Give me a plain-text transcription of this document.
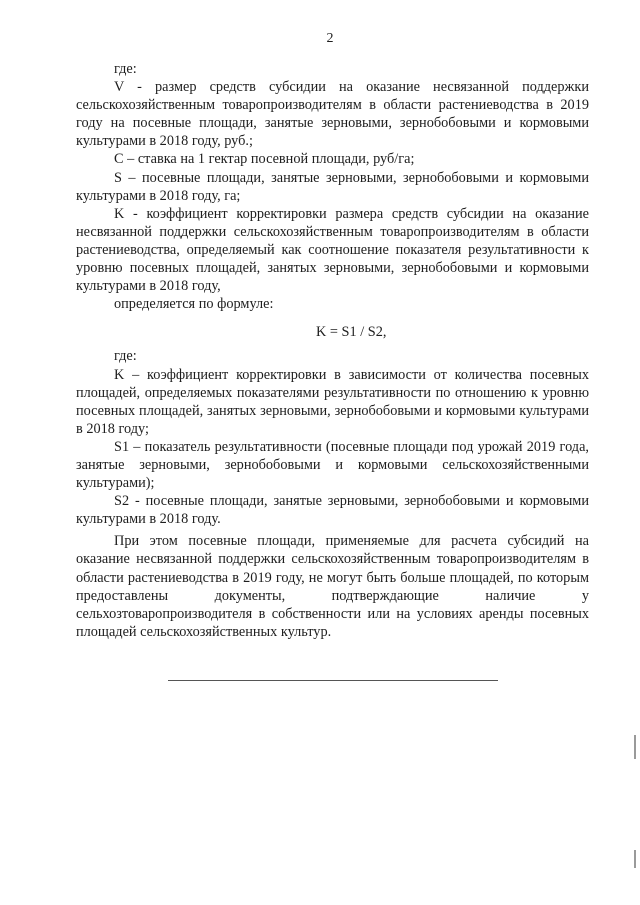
2

где:

V - размер средств субсидии на оказание несвязанной поддержки сельскохозяйственным товаропроизводителям в области растениеводства в 2019 году на посевные площади, занятые зерновыми, зернобобовыми и кормовыми культурами в 2018 году, руб.;

C – ставка на 1 гектар посевной площади, руб/га;

S – посевные площади, занятые зерновыми, зернобобовыми и кормовыми культурами в 2018 году, га;

K - коэффициент корректировки размера средств субсидии на оказание несвязанной поддержки сельскохозяйственным товаропроизводителям в области растениеводства, определяемый как соотношение показателя результативности к уровню посевных площадей, занятых зерновыми, зернобобовыми и кормовыми культурами в 2018 году,

определяется по формуле:

K = S1 / S2,

где:

K – коэффициент корректировки в зависимости от количества посевных площадей, определяемых показателями результативности по отношению к уровню посевных площадей, занятых зерновыми, зернобобовыми и кормовыми культурами в 2018 году;

S1 – показатель результативности (посевные площади под урожай 2019 года, занятые зерновыми, зернобобовыми и кормовыми сельскохозяйственными культурами);

S2 - посевные площади, занятые зерновыми, зернобобовыми и кормовыми культурами в 2018 году.

При этом посевные площади, применяемые для расчета субсидий на оказание несвязанной поддержки сельскохозяйственным товаропроизводителям в области растениеводства в 2019 году, не могут быть больше площадей, по которым предоставлены документы, подтверждающие наличие у сельхозтоваропроизводителя в собственности или на условиях аренды посевных площадей сельскохозяйственных культур.
